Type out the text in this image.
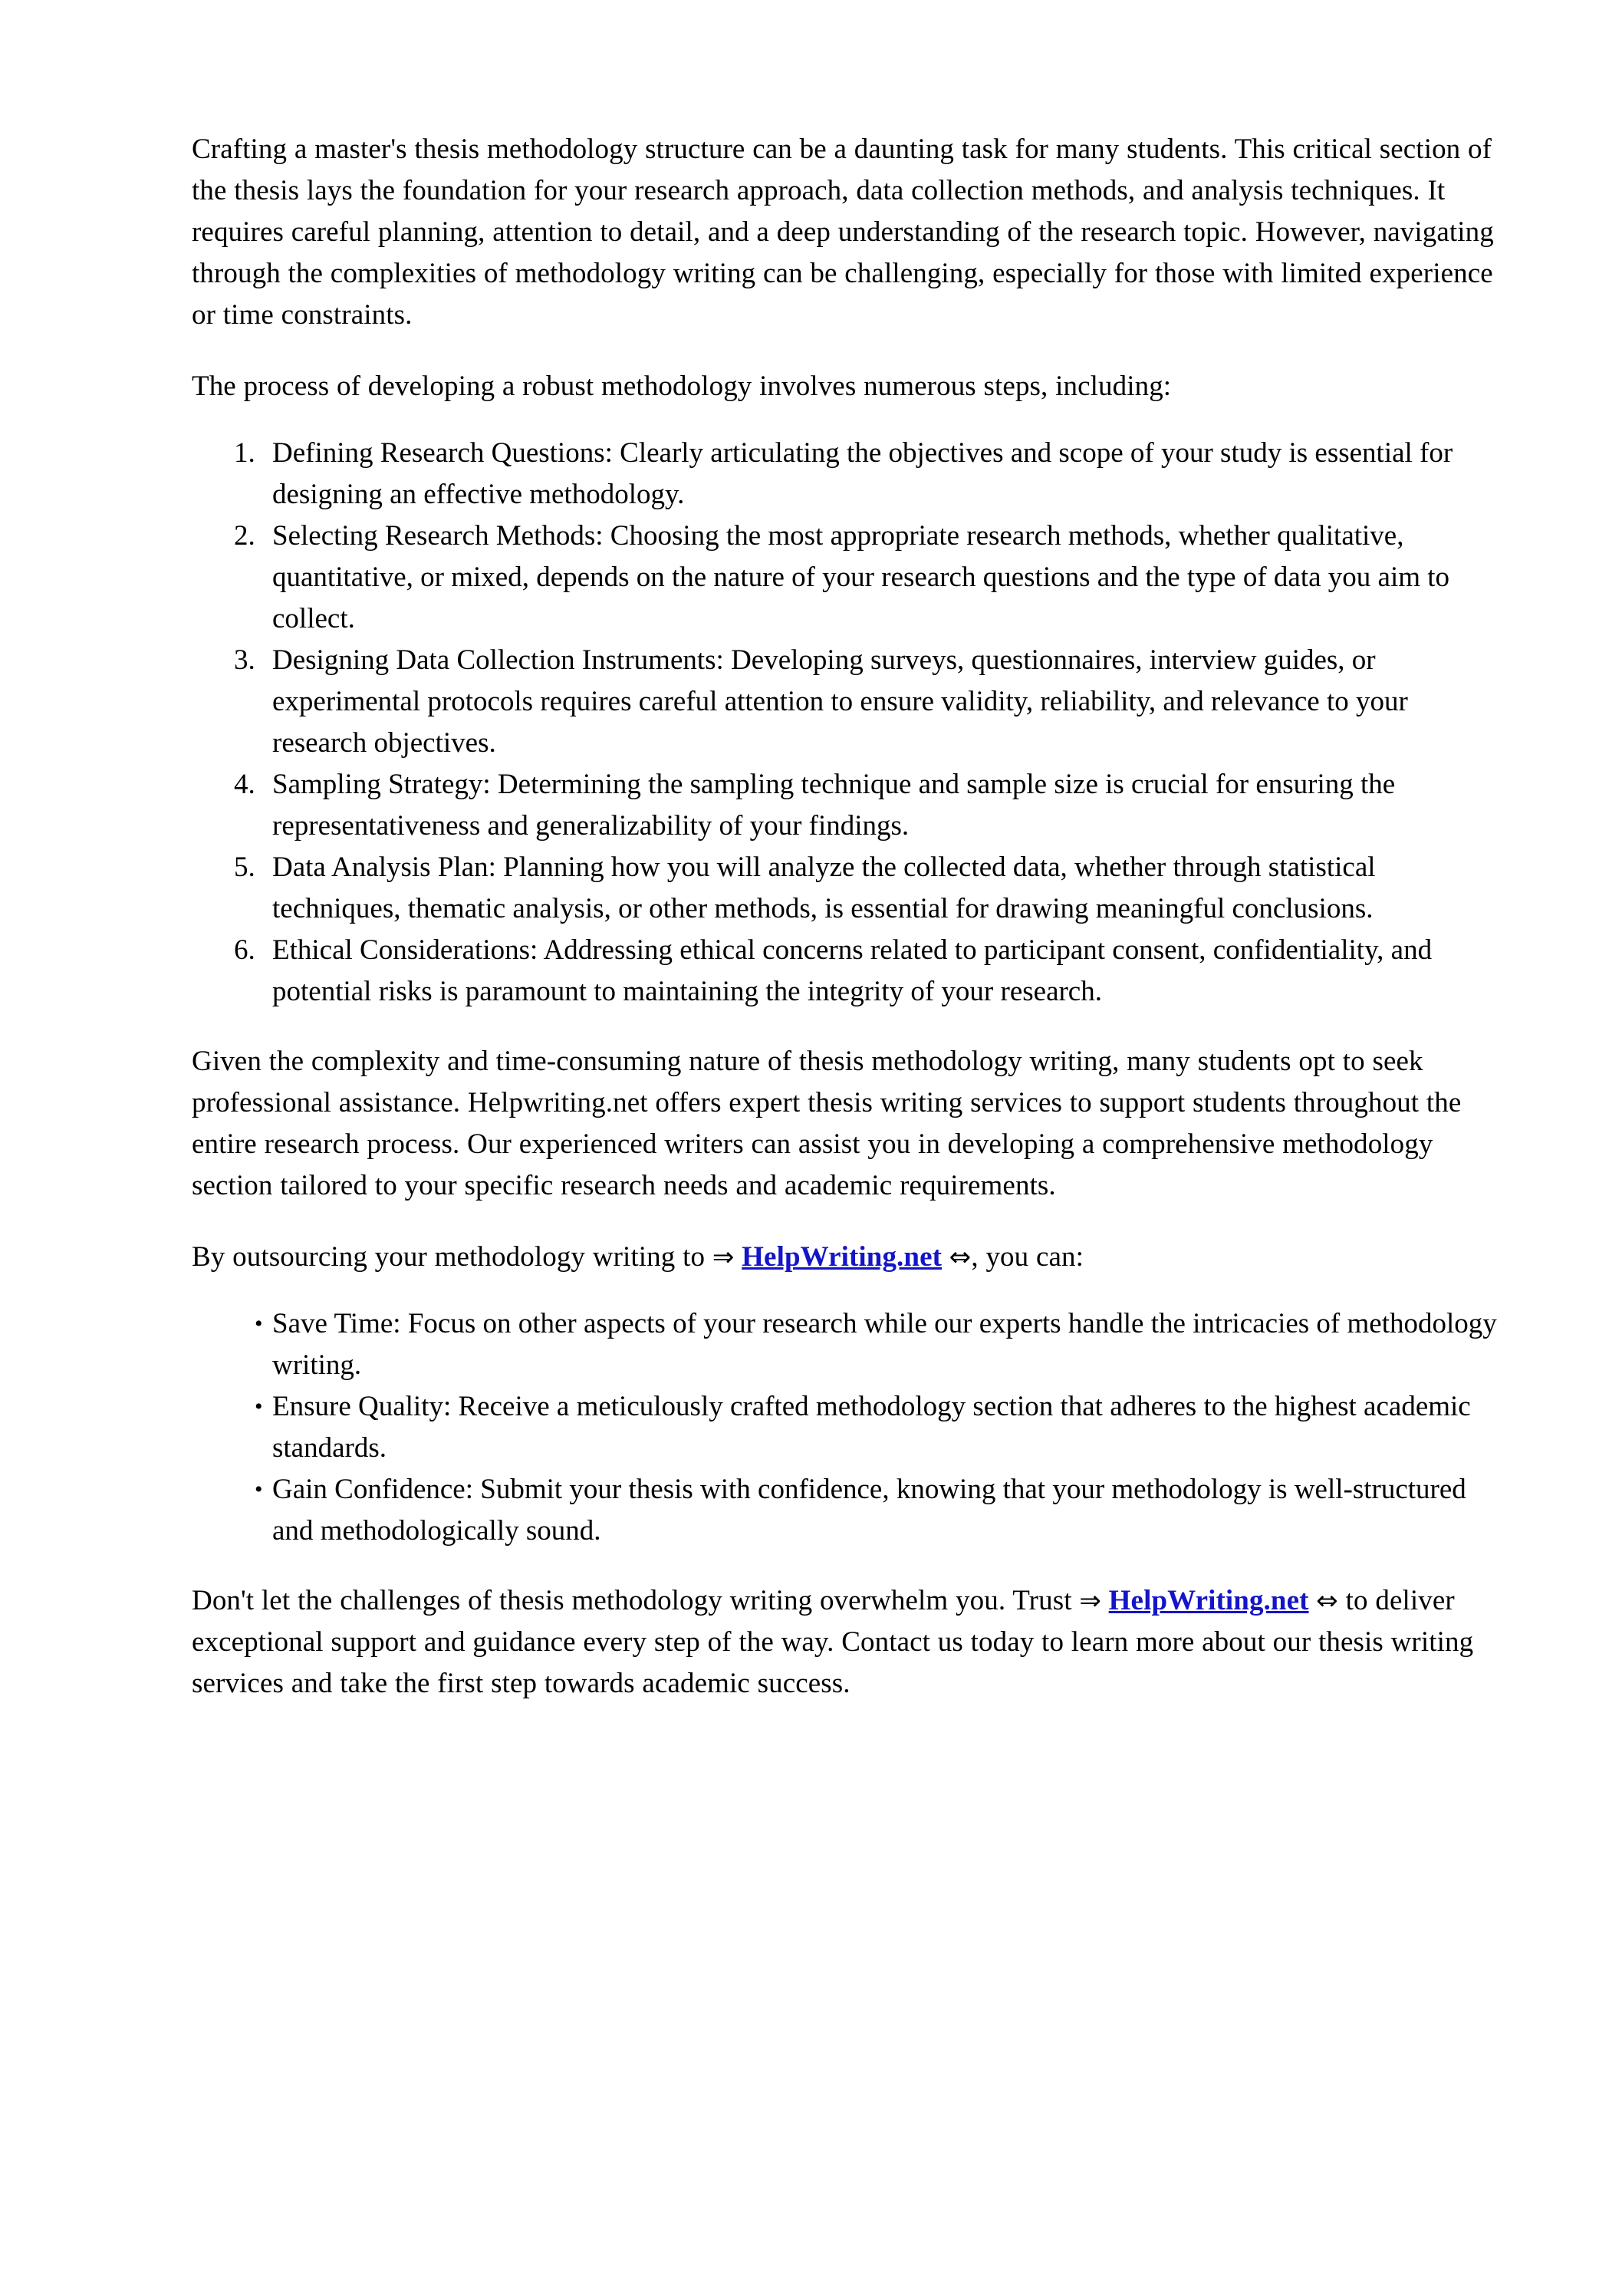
Crafting a master's thesis methodology structure can be a daunting task for many students. This critical section of the thesis lays the foundation for your research approach, data collection methods, and analysis techniques. It requires careful planning, attention to detail, and a deep understanding of the research topic. However, navigating through the complexities of methodology writing can be challenging, especially for those with limited experience or time constraints.

The process of developing a robust methodology involves numerous steps, including:

Defining Research Questions: Clearly articulating the objectives and scope of your study is essential for designing an effective methodology.
Selecting Research Methods: Choosing the most appropriate research methods, whether qualitative, quantitative, or mixed, depends on the nature of your research questions and the type of data you aim to collect.
Designing Data Collection Instruments: Developing surveys, questionnaires, interview guides, or experimental protocols requires careful attention to ensure validity, reliability, and relevance to your research objectives.
Sampling Strategy: Determining the sampling technique and sample size is crucial for ensuring the representativeness and generalizability of your findings.
Data Analysis Plan: Planning how you will analyze the collected data, whether through statistical techniques, thematic analysis, or other methods, is essential for drawing meaningful conclusions.
Ethical Considerations: Addressing ethical concerns related to participant consent, confidentiality, and potential risks is paramount to maintaining the integrity of your research.

Given the complexity and time-consuming nature of thesis methodology writing, many students opt to seek professional assistance. Helpwriting.net offers expert thesis writing services to support students throughout the entire research process. Our experienced writers can assist you in developing a comprehensive methodology section tailored to your specific research needs and academic requirements.

By outsourcing your methodology writing to ⇒ HelpWriting.net ⇔, you can:

• Save Time: Focus on other aspects of your research while our experts handle the intricacies of methodology writing.
• Ensure Quality: Receive a meticulously crafted methodology section that adheres to the highest academic standards.
• Gain Confidence: Submit your thesis with confidence, knowing that your methodology is well-structured and methodologically sound.

Don't let the challenges of thesis methodology writing overwhelm you. Trust ⇒ HelpWriting.net ⇔ to deliver exceptional support and guidance every step of the way. Contact us today to learn more about our thesis writing services and take the first step towards academic success.
